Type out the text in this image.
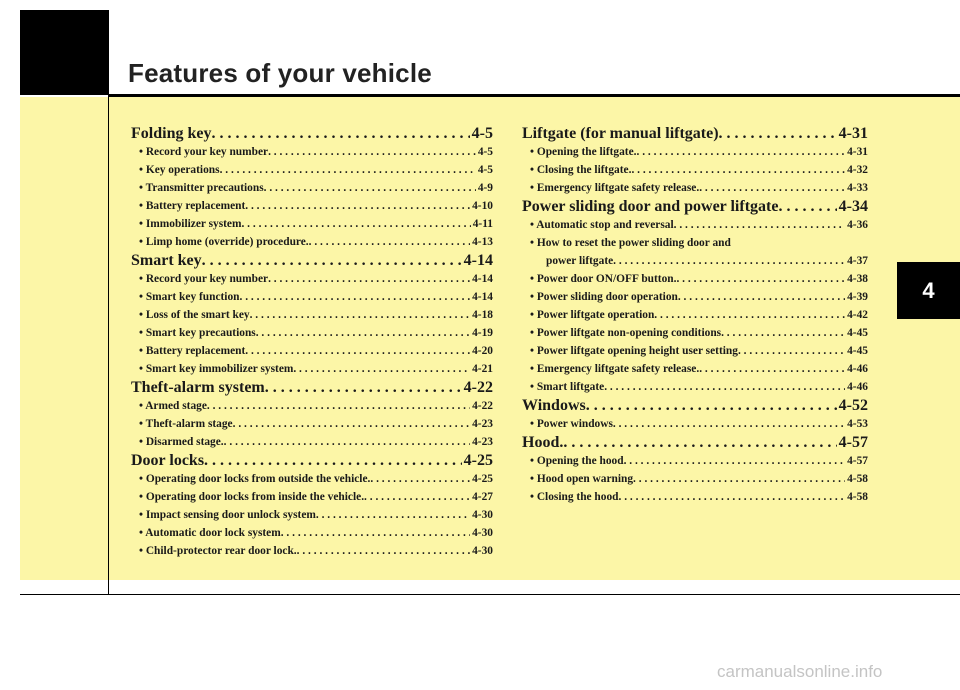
Features of your vehicle
4
Folding key . . .	4-5
• Record your key number . . .	4-5
• Key operations . . .	4-5
• Transmitter precautions . . .	4-9
• Battery replacement . . .	4-10
• Immobilizer system . . .	4-11
• Limp home (override) procedure. . . .	4-13
Smart key . . .	4-14
• Record your key number . . .	4-14
• Smart key function . . .	4-14
• Loss of the smart key . . .	4-18
• Smart key precautions . . .	4-19
• Battery replacement . . .	4-20
• Smart key immobilizer system . . .	4-21
Theft-alarm system . . .	4-22
• Armed stage . . .	4-22
• Theft-alarm stage . . .	4-23
• Disarmed stage. . . .	4-23
Door locks . . .	4-25
• Operating door locks from outside the vehicle. . . .	4-25
• Operating door locks from inside the vehicle. . . .	4-27
• Impact sensing door unlock system . . .	4-30
• Automatic door lock system . . .	4-30
• Child-protector rear door lock. . . .	4-30
Liftgate (for manual liftgate) . . .	4-31
• Opening the liftgate. . . .	4-31
• Closing the liftgate. . . .	4-32
• Emergency liftgate safety release. . . .	4-33
Power sliding door and power liftgate . . .	4-34
• Automatic stop and reversal . . .	4-36
• How to reset the power sliding door and
power liftgate . . .	4-37
• Power door ON/OFF button. . . .	4-38
• Power sliding door operation . . .	4-39
• Power liftgate operation . . .	4-42
• Power liftgate non-opening conditions . . .	4-45
• Power liftgate opening height user setting . . .	4-45
• Emergency liftgate safety release. . . .	4-46
• Smart liftgate . . .	4-46
Windows . . .	4-52
• Power windows . . .	4-53
Hood. . . .	4-57
• Opening the hood . . .	4-57
• Hood open warning . . .	4-58
• Closing the hood . . .	4-58
carmanualsonline.info
